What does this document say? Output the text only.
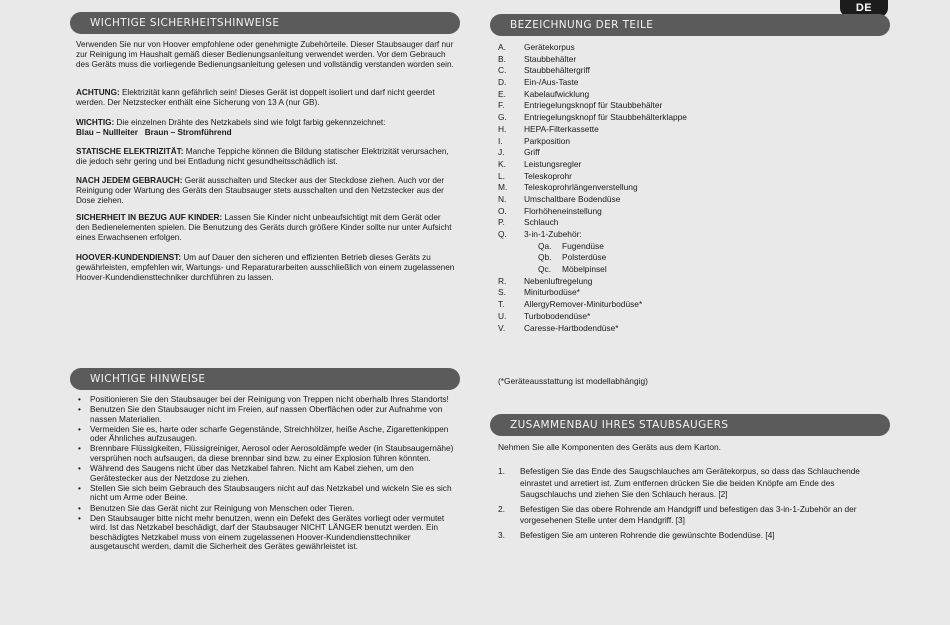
DE
WICHTIGE SICHERHEITSHINWEISE

Verwenden Sie nur von Hoover empfohlene oder genehmigte Zubehörteile. Dieser Staubsauger darf nur zur Reinigung im Haushalt gemäß dieser Bedienungsanleitung verwendet werden. Vor dem Gebrauch des Geräts muss die vorliegende Bedienungsanleitung gelesen und vollständig verstanden worden sein.

ACHTUNG: Elektrizität kann gefährlich sein! Dieses Gerät ist doppelt isoliert und darf nicht geerdet werden. Der Netzstecker enthält eine Sicherung von 13 A (nur GB).

WICHTIG: Die einzelnen Drähte des Netzkabels sind wie folgt farbig gekennzeichnet:
Blau – Nullleiter   Braun – Stromführend

STATISCHE ELEKTRIZITÄT: Manche Teppiche können die Bildung statischer Elektrizität verursachen, die jedoch sehr gering und bei Entladung nicht gesundheitsschädlich ist.

NACH JEDEM GEBRAUCH: Gerät ausschalten und Stecker aus der Steckdose ziehen. Auch vor der Reinigung oder Wartung des Geräts den Staubsauger stets ausschalten und den Netzstecker aus der Dose ziehen.

SICHERHEIT IN BEZUG AUF KINDER: Lassen Sie Kinder nicht unbeaufsichtigt mit dem Gerät oder den Bedienelementen spielen. Die Benutzung des Geräts durch größere Kinder sollte nur unter Aufsicht eines Erwachsenen erfolgen.

HOOVER-KUNDENDIENST: Um auf Dauer den sicheren und effizienten Betrieb dieses Geräts zu gewährleisten, empfehlen wir, Wartungs- und Reparaturarbeiten ausschließlich von einem zugelassenen Hoover-Kundendiensttechniker durchführen zu lassen.

WICHTIGE HINWEISE
• Positionieren Sie den Staubsauger bei der Reinigung von Treppen nicht oberhalb Ihres Standorts!
• Benutzen Sie den Staubsauger nicht im Freien, auf nassen Oberflächen oder zur Aufnahme von nassen Materialien.
• Vermeiden Sie es, harte oder scharfe Gegenstände, Streichhölzer, heiße Asche, Zigarettenkippen oder Ähnliches aufzusaugen.
• Brennbare Flüssigkeiten, Flüssigreiniger, Aerosol oder Aerosoldämpfe weder (in Staubsaugernähe) versprühen noch aufsaugen, da diese brennbar sind bzw. zu einer Explosion führen könnten.
• Während des Saugens nicht über das Netzkabel fahren. Nicht am Kabel ziehen, um den Gerätestecker aus der Netzdose zu ziehen.
• Stellen Sie sich beim Gebrauch des Staubsaugers nicht auf das Netzkabel und wickeln Sie es sich nicht um Arme oder Beine.
• Benutzen Sie das Gerät nicht zur Reinigung von Menschen oder Tieren.
• Den Staubsauger bitte nicht mehr benutzen, wenn ein Defekt des Gerätes vorliegt oder vermutet wird. Ist das Netzkabel beschädigt, darf der Staubsauger NICHT LÄNGER benutzt werden. Ein beschädigtes Netzkabel muss von einem zugelassenen Hoover-Kundendiensttechniker ausgetauscht werden, damit die Sicherheit des Gerätes gewährleistet ist.
BEZEICHNUNG DER TEILE
A. Gerätekorpus
B. Staubbehälter
C. Staubbehältergriff
D. Ein-/Aus-Taste
E. Kabelaufwicklung
F. Entriegelungsknopf für Staubbehälter
G. Entriegelungsknopf für Staubbehälterklappe
H. HEPA-Filterkassette
I.	Parkposition
J. Griff
K. Leistungsregler
L. Teleskoprohr
M. Teleskoprohrlängenverstellung
N. Umschaltbare Bodendüse
O. Florhöheneinstellung
P. Schlauch
Q. 3-in-1-Zubehör:
Qa. Fugendüse
Qb. Polsterdüse
Qc. Möbelpinsel
R. Nebenluftregelung
S. Miniturbodüse*
T. AllergyRemover-Miniturbodüse*
U. Turbobodendüse*
V. Caresse-Hartbodendüse*

(*Geräteausstattung ist modellabhängig)

ZUSAMMENBAU IHRES STAUBSAUGERS

Nehmen Sie alle Komponenten des Geräts aus dem Karton.

1. Befestigen Sie das Ende des Saugschlauches am Gerätekorpus, so dass das Schlauchende einrastet und arretiert ist. Zum entfernen drücken Sie die beiden Knöpfe am Ende des Saugschlauchs und ziehen Sie den Schlauch heraus. [2]
2. Befestigen Sie das obere Rohrende am Handgriff und befestigen das 3-in-1-Zubehör an der vorgesehenen Stelle unter dem Handgriff. [3]
3. Befestigen Sie am unteren Rohrende die gewünschte Bodendüse. [4]
